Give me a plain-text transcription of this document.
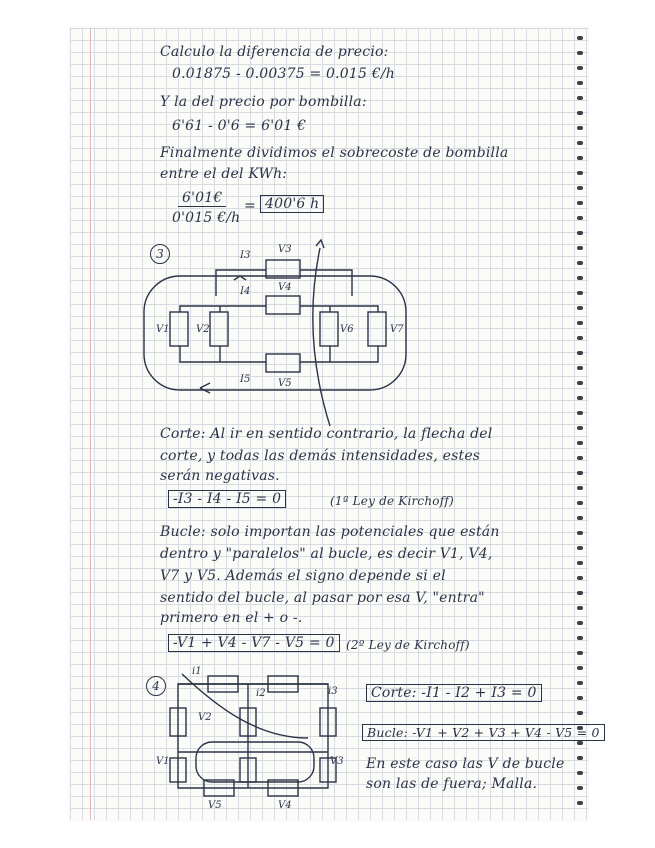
Calculo la diferencia de precio:
0.01875 - 0.00375 = 0.015 €/h
Y la del precio por bombilla:
6'61 - 0'6 = 6'01 €
Finalmente dividimos el sobrecoste de bombilla
entre el del KWh:
6'01€
0'015 €/h
= 400'6 h
3	I3
V3
I4	V4
I5	V5
V1	V2	V6	V7
Corte: Al ir en sentido contrario, la flecha del
corte, y todas las demás intensidades, estes
serán negativas.
-I3 - I4 - I5 = 0	(1ª Ley de Kirchoff)
Bucle: solo importan las potenciales que están
dentro y "paralelos" al bucle, es decir V1, V4,
V7 y V5. Además el signo depende si el
sentido del bucle, al pasar por esa V, "entra"
primero en el + o -.
-V1 + V4 - V7 - V5 = 0 (2º Ley de Kirchoff)
4
i1
i2	i3
V1
V2
V3
V4
V5
Corte: -I1 - I2 + I3 = 0
Bucle: -V1 + V2 + V3 + V4 - V5 = 0
En este caso las V de bucle
son las de fuera; Malla.
